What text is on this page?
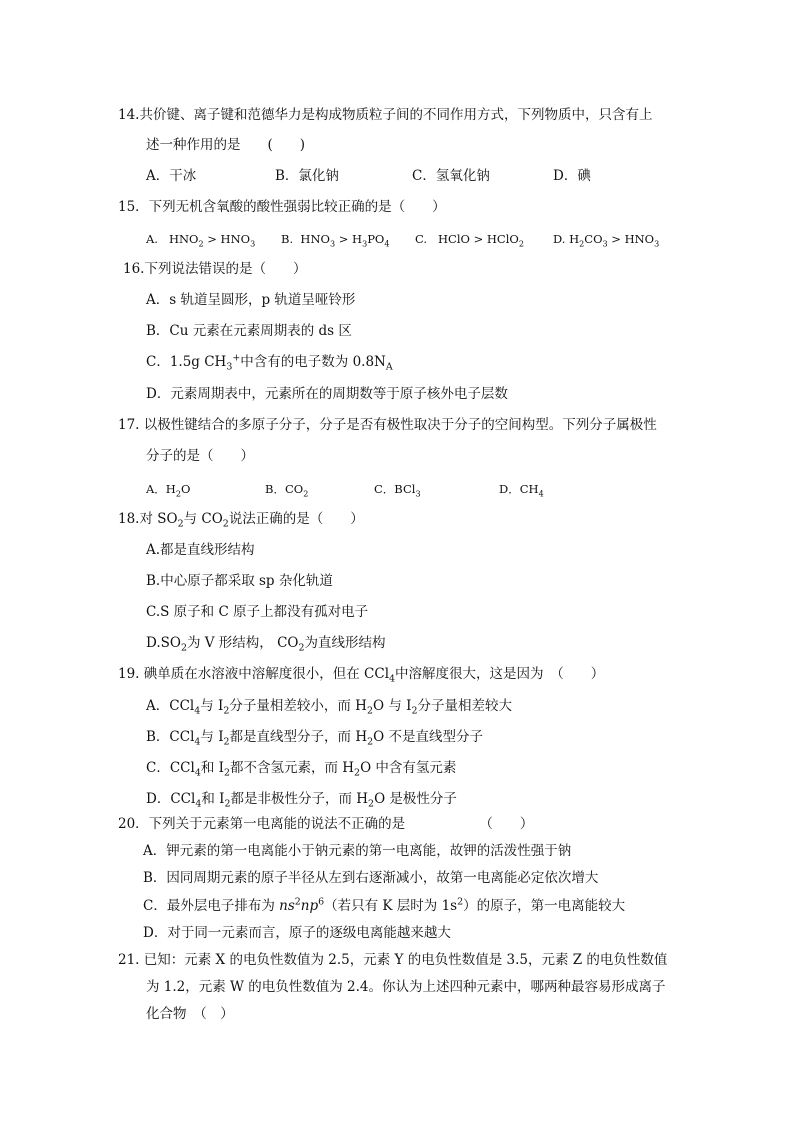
14.共价键、离子键和范德华力是构成物质粒子间的不同作用方式，下列物质中，只含有上
述一种作用的是　　(　　)
A．干冰	B．氯化钠	C．氢氧化钠	D．碘
15．下列无机含氧酸的酸性强弱比较正确的是（　　）
A. $HNO_2 > HNO_3$ B. $HNO_3 > H_3PO_4$ C. HClO > HClO$_2$	D. $H_2CO_3 > HNO_3$
16.下列说法错误的是（　　）
A．s 轨道呈圆形，p 轨道呈哑铃形
B．Cu 元素在元素周期表的 ds 区
C．1.5g $CH_3^+$中含有的电子数为 $0.8N_A$
D．元素周期表中，元素所在的周期数等于原子核外电子层数
17. 以极性键结合的多原子分子，分子是否有极性取决于分子的空间构型。下列分子属极性
分子的是（　　）
A．$H_2O$	B．$CO_2$	C．BCl$_3$	D．$CH_4$
18.对 $SO_2$与 $CO_2$说法正确的是（　　）
A.都是直线形结构
B.中心原子都采取 sp 杂化轨道
C.S 原子和 C 原子上都没有孤对电子
$D.SO_2$为 V 形结构， $CO_2$为直线形结构
19. 碘单质在水溶液中溶解度很小，但在 CCl$_4$中溶解度很大，这是因为　（　　）
A．CCl$_4$与 $I_2$分子量相差较小，而 $H_2O$ 与 $I_2$分子量相差较大
B．CCl$_4$与 $I_2$都是直线型分子，而 $H_2O$ 不是直线型分子
C．CCl$_4$和 $I_2$都不含氢元素，而 $H_2O$ 中含有氢元素
D．CCl$_4$和 $I_2$都是非极性分子，而 $H_2O$ 是极性分子
20．下列关于元素第一电离能的说法不正确的是　　　　　　（　　）
A．钾元素的第一电离能小于钠元素的第一电离能，故钾的活泼性强于钠
B．因同周期元素的原子半径从左到右逐渐减小，故第一电离能必定依次增大
C．最外层电子排布为 $ns^2np^6$（若只有 K 层时为 $1s^2$）的原子，第一电离能较大
D．对于同一元素而言，原子的逐级电离能越来越大
21. 已知：元素 X 的电负性数值为 2.5，元素 Y 的电负性数值是 3.5，元素 Z 的电负性数值
为 1.2，元素 W 的电负性数值为 2.4。你认为上述四种元素中，哪两种最容易形成离子
化合物　（　）
